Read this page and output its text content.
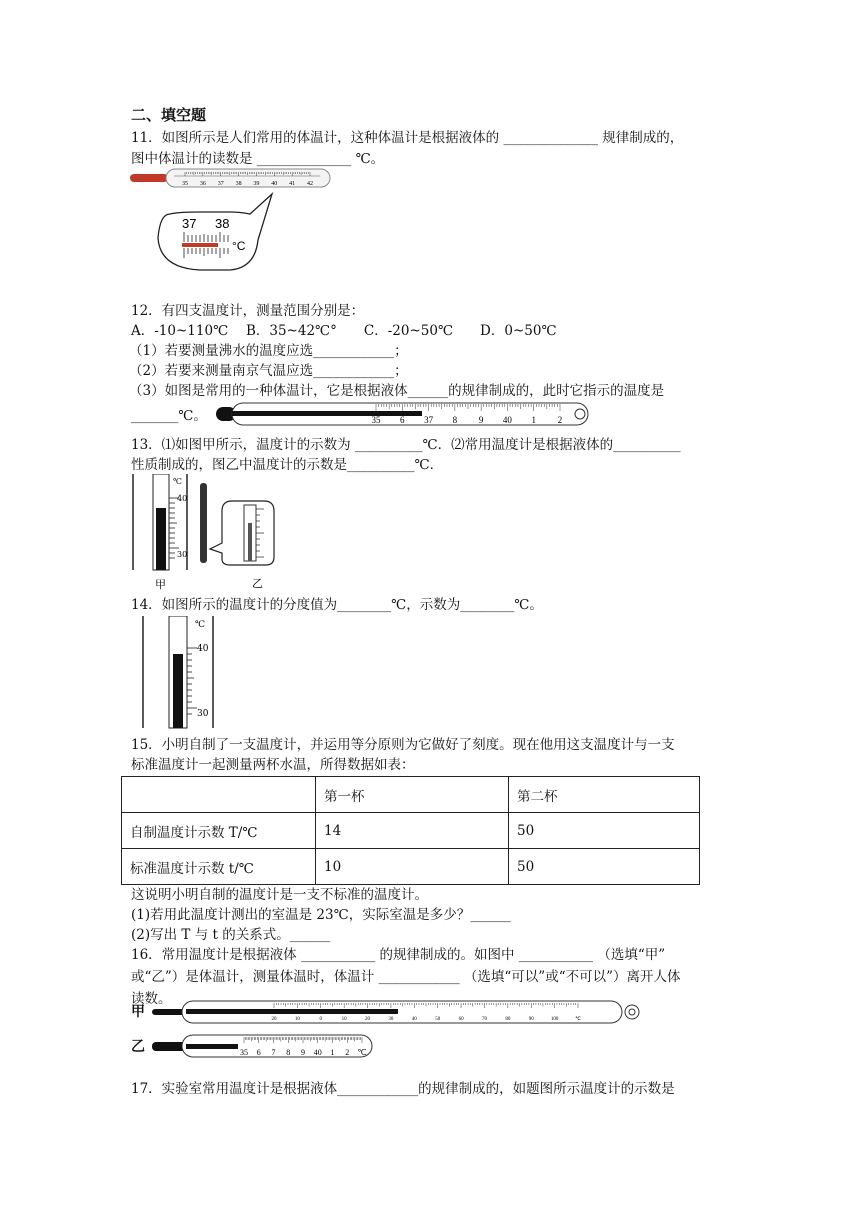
二、填空题
11．如图所示是人们常用的体温计，这种体温计是根据液体的 ______________ 规律制成的，
图中体温计的读数是 ______________ ℃。
35 36 37 38 39 40 41 42
37 38
°C
12．有四支温度计，测量范围分别是：
A．-10~110℃　 B．35~42℃°　　C．-20~50℃　　D．0~50℃
（1）若要测量沸水的温度应选____________；
（2）若要来测量南京气温应选____________；
（3）如图是常用的一种体温计，它是根据液体______的规律制成的，此时它指示的温度是
_______℃。	35 6 37 8 9 40 1 2
13．⑴如图甲所示，温度计的示数为 __________℃．⑵常用温度计是根据液体的__________
性质制成的，图乙中温度计的示数是__________℃．
℃
40
30
甲	乙
14．如图所示的温度计的分度值为________℃，示数为________℃。
℃
40
30
15．小明自制了一支温度计，并运用等分原则为它做好了刻度。现在他用这支温度计与一支
标准温度计一起测量两杯水温，所得数据如表：
	第一杯	第二杯
自制温度计示数 T/℃	14	50
标准温度计示数 t/℃	10	50
这说明小明自制的温度计是一支不标准的温度计。
(1)若用此温度计测出的室温是 23℃，实际室温是多少？______
(2)写出 T 与 t 的关系式。______
16．常用温度计是根据液体 ___________ 的规律制成的。如图中 ___________ （选填“甲”
或“乙”）是体温计，测量体温时，体温计 ____________ （选填“可以”或“不可以”）离开人体
读数。
甲	20	10	0	10	20	30	40	50	60	70	80	90	100	℃
乙	35 6 7 8 9 40 1 2 ℃
17．实验室常用温度计是根据液体____________的规律制成的，如题图所示温度计的示数是
